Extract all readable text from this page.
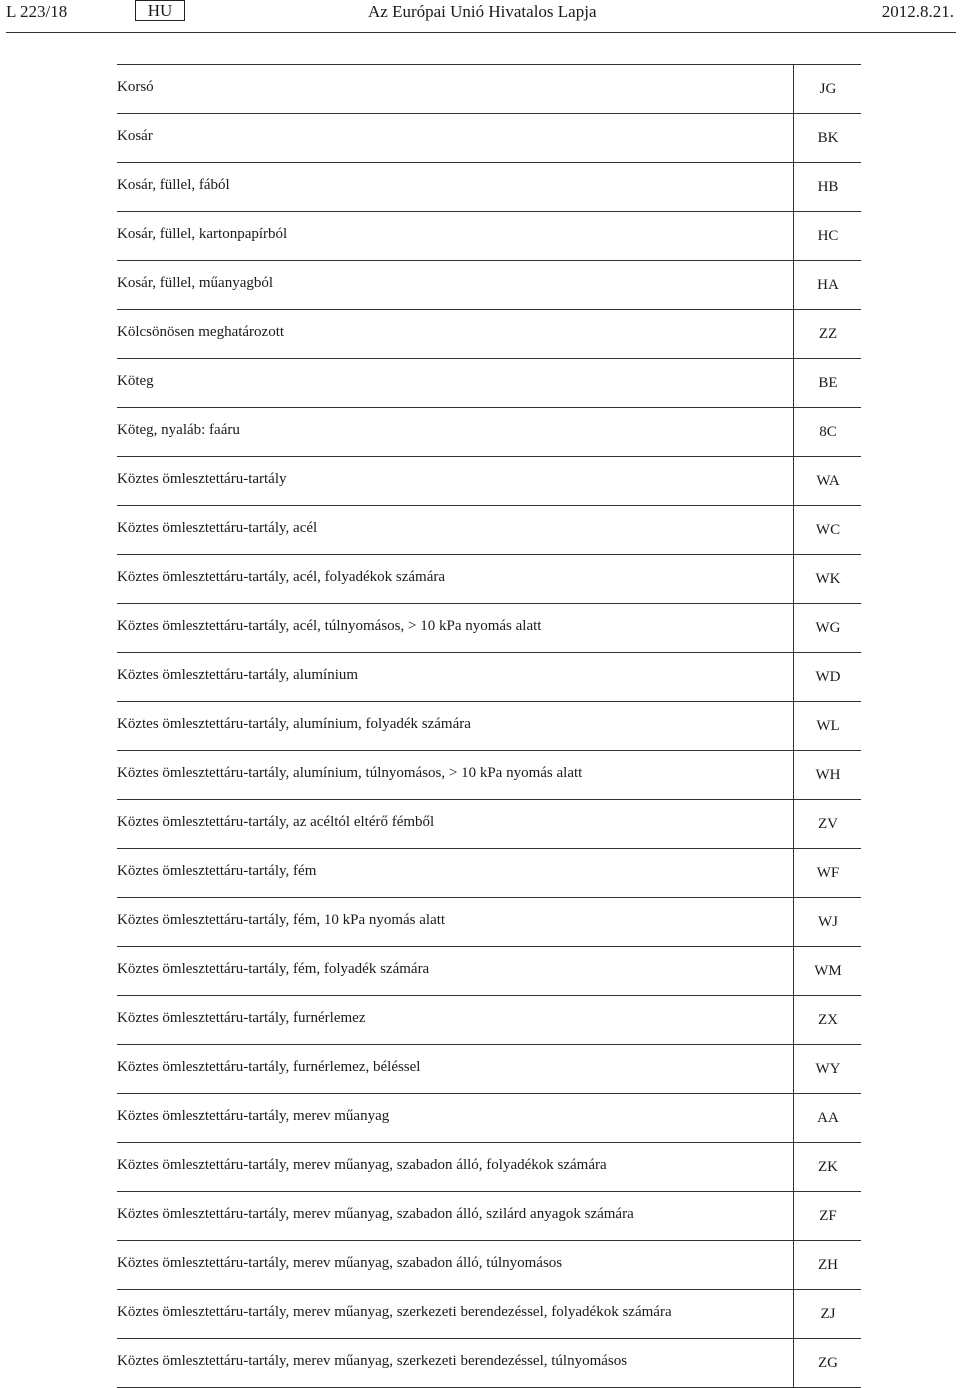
L 223/18	HU	Az Európai Unió Hivatalos Lapja	2012.8.21.
Korsó	JG
Kosár	BK
Kosár, füllel, fából	HB
Kosár, füllel, kartonpapírból	HC
Kosár, füllel, műanyagból	HA
Kölcsönösen meghatározott	ZZ
Köteg	BE
Köteg, nyaláb: faáru	8C
Köztes ömlesztettáru-tartály	WA
Köztes ömlesztettáru-tartály, acél	WC
Köztes ömlesztettáru-tartály, acél, folyadékok számára	WK
Köztes ömlesztettáru-tartály, acél, túlnyomásos, > 10 kPa nyomás alatt	WG
Köztes ömlesztettáru-tartály, alumínium	WD
Köztes ömlesztettáru-tartály, alumínium, folyadék számára	WL
Köztes ömlesztettáru-tartály, alumínium, túlnyomásos, > 10 kPa nyomás alatt	WH
Köztes ömlesztettáru-tartály, az acéltól eltérő fémből	ZV
Köztes ömlesztettáru-tartály, fém	WF
Köztes ömlesztettáru-tartály, fém, 10 kPa nyomás alatt	WJ
Köztes ömlesztettáru-tartály, fém, folyadék számára	WM
Köztes ömlesztettáru-tartály, furnérlemez	ZX
Köztes ömlesztettáru-tartály, furnérlemez, béléssel	WY
Köztes ömlesztettáru-tartály, merev műanyag	AA
Köztes ömlesztettáru-tartály, merev műanyag, szabadon álló, folyadékok számára	ZK
Köztes ömlesztettáru-tartály, merev műanyag, szabadon álló, szilárd anyagok számára	ZF
Köztes ömlesztettáru-tartály, merev műanyag, szabadon álló, túlnyomásos	ZH
Köztes ömlesztettáru-tartály, merev műanyag, szerkezeti berendezéssel, folyadékok számára	ZJ
Köztes ömlesztettáru-tartály, merev műanyag, szerkezeti berendezéssel, túlnyomásos	ZG
